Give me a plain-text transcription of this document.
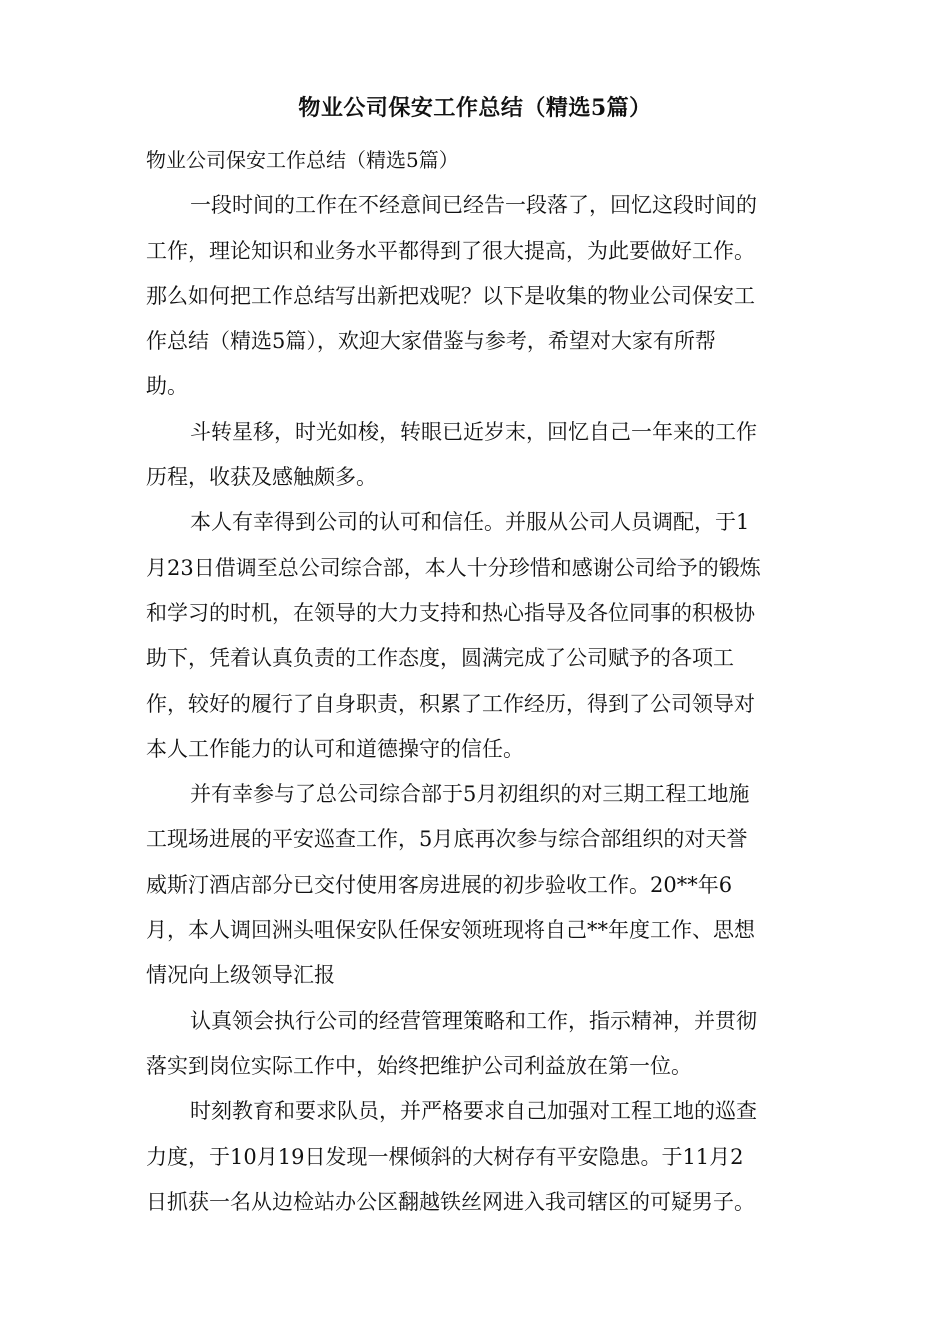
物业公司保安工作总结（精选5篇）
物业公司保安工作总结（精选5篇）
一段时间的工作在不经意间已经告一段落了，回忆这段时间的
工作，理论知识和业务水平都得到了很大提高，为此要做好工作。
那么如何把工作总结写出新把戏呢？以下是收集的物业公司保安工
作总结（精选5篇），欢迎大家借鉴与参考，希望对大家有所帮
助。
斗转星移，时光如梭，转眼已近岁末，回忆自己一年来的工作
历程，收获及感触颇多。
本人有幸得到公司的认可和信任。并服从公司人员调配，于1
月23日借调至总公司综合部，本人十分珍惜和感谢公司给予的锻炼
和学习的时机，在领导的大力支持和热心指导及各位同事的积极协
助下，凭着认真负责的工作态度，圆满完成了公司赋予的各项工
作，较好的履行了自身职责，积累了工作经历，得到了公司领导对
本人工作能力的认可和道德操守的信任。
并有幸参与了总公司综合部于5月初组织的对三期工程工地施
工现场进展的平安巡查工作，5月底再次参与综合部组织的对天誉
威斯汀酒店部分已交付使用客房进展的初步验收工作。20**年6
月，本人调回洲头咀保安队任保安领班现将自己**年度工作、思想
情况向上级领导汇报
认真领会执行公司的经营管理策略和工作，指示精神，并贯彻
落实到岗位实际工作中，始终把维护公司利益放在第一位。
时刻教育和要求队员，并严格要求自己加强对工程工地的巡查
力度，于10月19日发现一棵倾斜的大树存有平安隐患。于11月2
日抓获一名从边检站办公区翻越铁丝网进入我司辖区的可疑男子。
